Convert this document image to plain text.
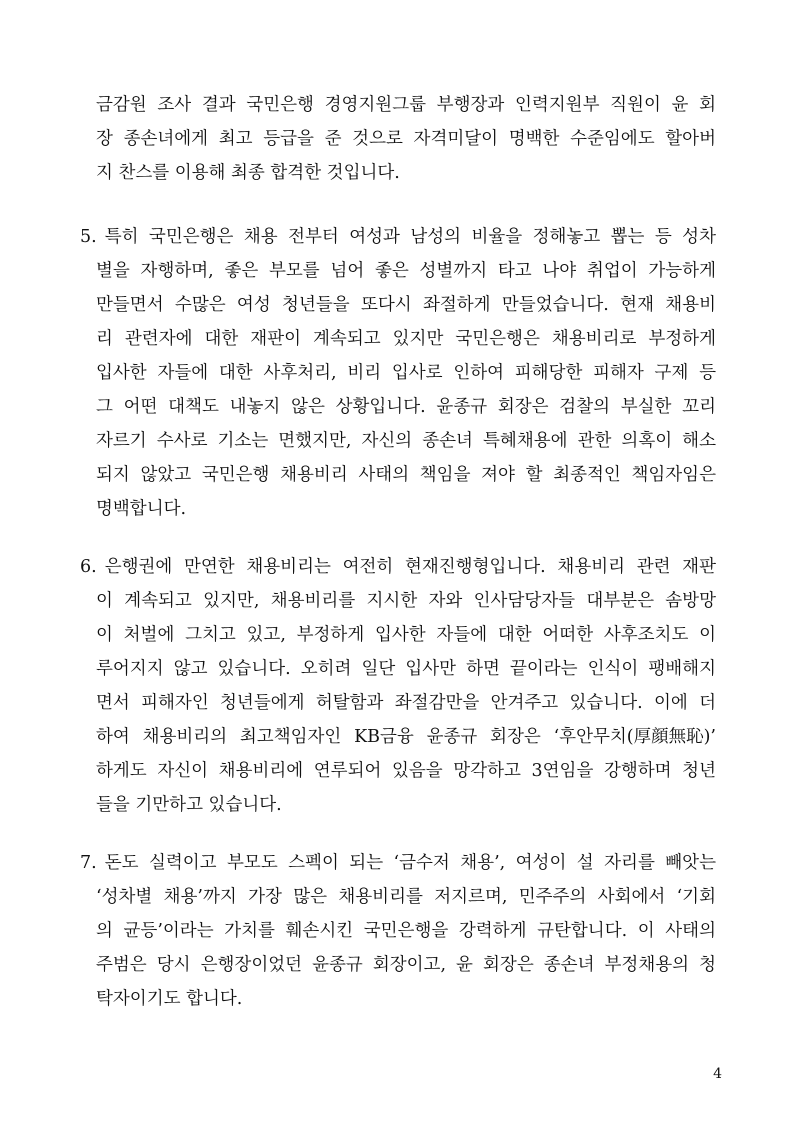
금감원 조사 결과 국민은행 경영지원그룹 부행장과 인력지원부 직원이 윤 회
장 종손녀에게 최고 등급을 준 것으로 자격미달이 명백한 수준임에도 할아버
지 찬스를 이용해 최종 합격한 것입니다.
5. 특히 국민은행은 채용 전부터 여성과 남성의 비율을 정해놓고 뽑는 등 성차
별을 자행하며, 좋은 부모를 넘어 좋은 성별까지 타고 나야 취업이 가능하게
만들면서 수많은 여성 청년들을 또다시 좌절하게 만들었습니다. 현재 채용비
리 관련자에 대한 재판이 계속되고 있지만 국민은행은 채용비리로 부정하게
입사한 자들에 대한 사후처리, 비리 입사로 인하여 피해당한 피해자 구제 등
그 어떤 대책도 내놓지 않은 상황입니다. 윤종규 회장은 검찰의 부실한 꼬리
자르기 수사로 기소는 면했지만, 자신의 종손녀 특혜채용에 관한 의혹이 해소
되지 않았고 국민은행 채용비리 사태의 책임을 져야 할 최종적인 책임자임은
명백합니다.
6. 은행권에 만연한 채용비리는 여전히 현재진행형입니다. 채용비리 관련 재판
이 계속되고 있지만, 채용비리를 지시한 자와 인사담당자들 대부분은 솜방망
이 처벌에 그치고 있고, 부정하게 입사한 자들에 대한 어떠한 사후조치도 이
루어지지 않고 있습니다. 오히려 일단 입사만 하면 끝이라는 인식이 팽배해지
면서 피해자인 청년들에게 허탈함과 좌절감만을 안겨주고 있습니다. 이에 더
하여 채용비리의 최고책임자인 KB금융 윤종규 회장은 ‘후안무치(厚顔無恥)’
하게도 자신이 채용비리에 연루되어 있음을 망각하고 3연임을 강행하며 청년
들을 기만하고 있습니다.
7. 돈도 실력이고 부모도 스펙이 되는 ‘금수저 채용’, 여성이 설 자리를 빼앗는
‘성차별 채용’까지 가장 많은 채용비리를 저지르며, 민주주의 사회에서 ‘기회
의 균등’이라는 가치를 훼손시킨 국민은행을 강력하게 규탄합니다. 이 사태의
주범은 당시 은행장이었던 윤종규 회장이고, 윤 회장은 종손녀 부정채용의 청
탁자이기도 합니다.
4
